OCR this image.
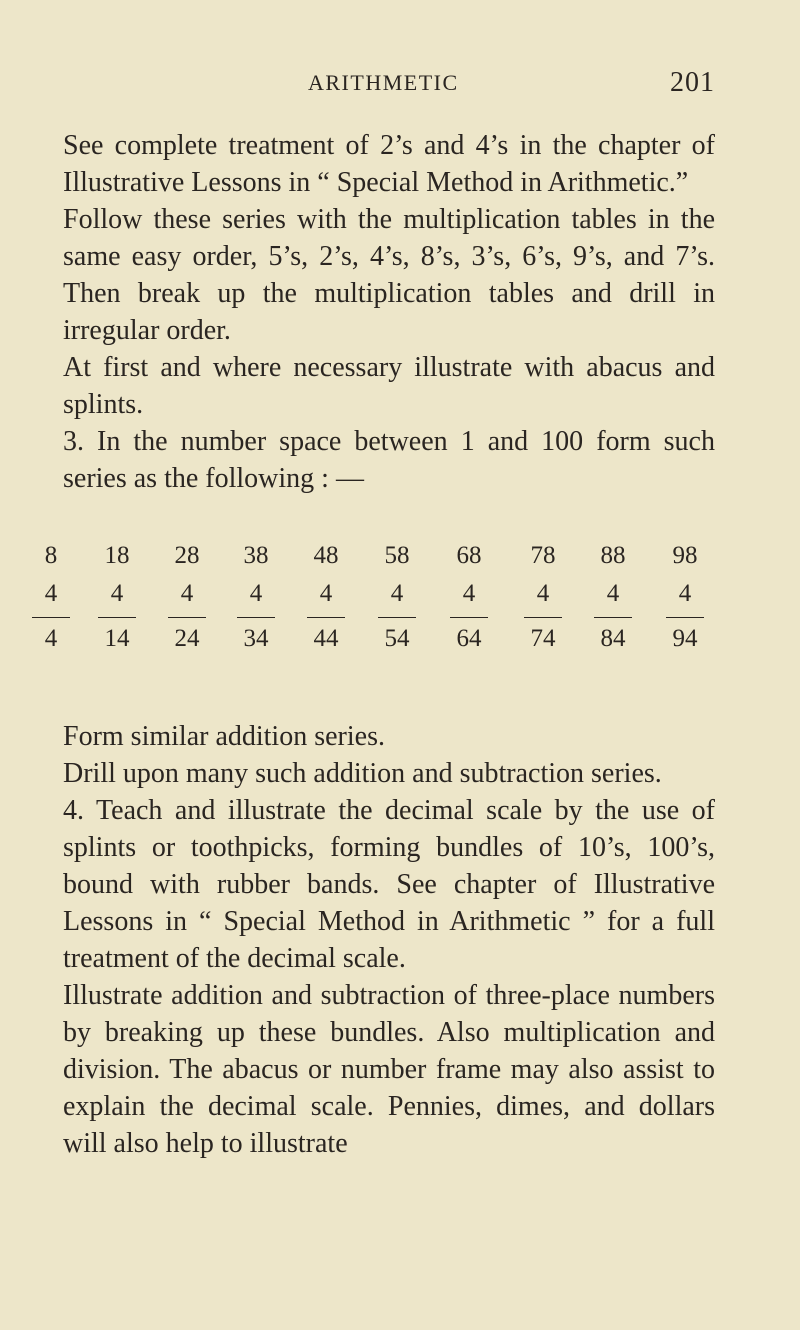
ARITHMETIC	201

See complete treatment of 2’s and 4’s in the chapter of Illustrative Lessons in “ Special Method in Arithmetic.”

Follow these series with the multiplication tables in the same easy order, 5’s, 2’s, 4’s, 8’s, 3’s, 6’s, 9’s, and 7’s. Then break up the multiplication tables and drill in irregular order.

At first and where necessary illustrate with abacus and splints.

3. In the number space between 1 and 100 form such series as the following : —

8
4
4
18
4
14
28
4
24
38
4
34
48
4
44
58
4
54
68
4
64
78
4
74
88
4
84
98
4
94

Form similar addition series.

Drill upon many such addition and subtraction series.

4. Teach and illustrate the decimal scale by the use of splints or toothpicks, forming bundles of 10’s, 100’s, bound with rubber bands. See chapter of Illustrative Lessons in “ Special Method in Arithmetic ” for a full treatment of the decimal scale.

Illustrate addition and subtraction of three-place numbers by breaking up these bundles. Also multiplication and division. The abacus or number frame may also assist to explain the decimal scale. Pennies, dimes, and dollars will also help to illustrate
